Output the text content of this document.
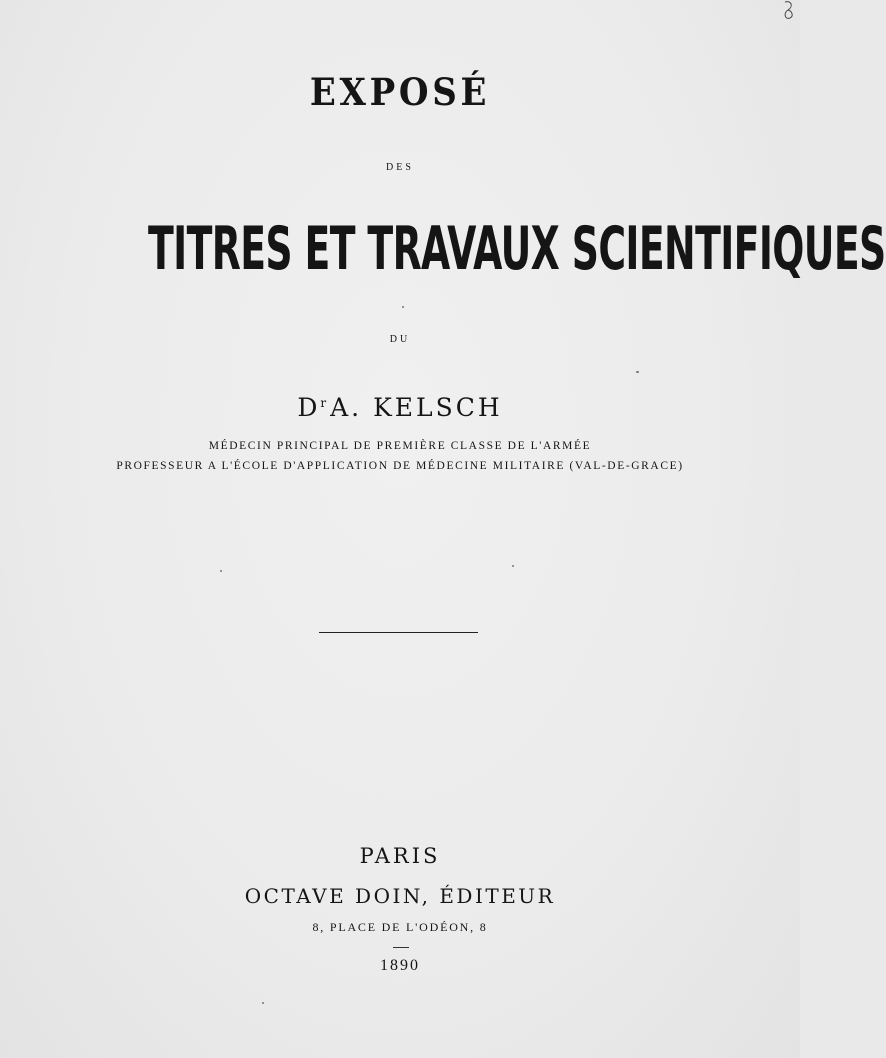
EXPOSÉ
DES
TITRES ET TRAVAUX SCIENTIFIQUES
DU
$D^r$ A. KELSCH
MÉDECIN PRINCIPAL DE PREMIÈRE CLASSE DE L'ARMÉE
PROFESSEUR A L'ÉCOLE D'APPLICATION DE MÉDECINE MILITAIRE (VAL-DE-GRACE)
PARIS
OCTAVE DOIN, ÉDITEUR
8, PLACE DE L'ODÉON, 8
1890
